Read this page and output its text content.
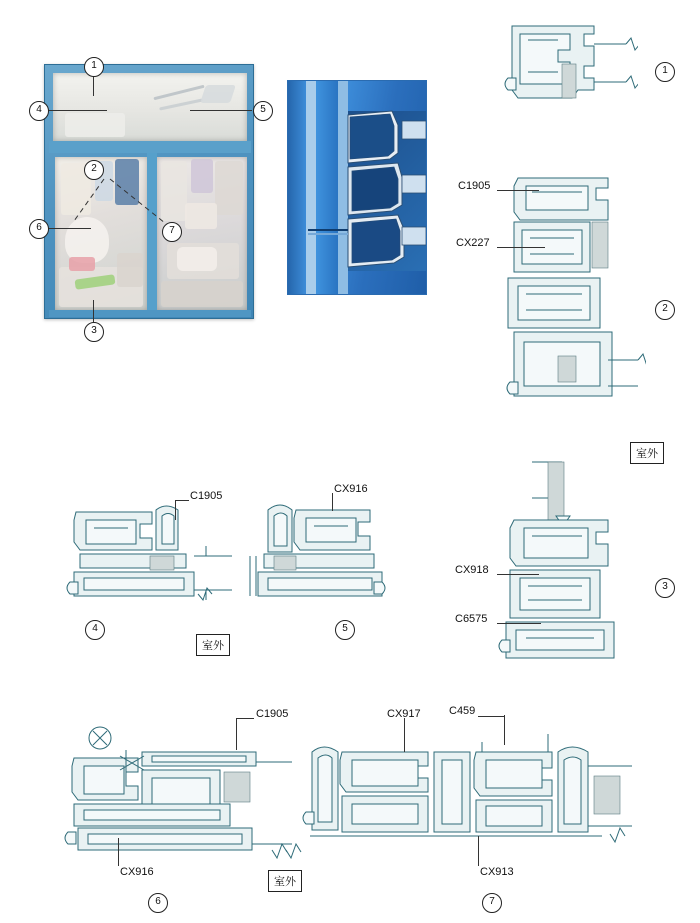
1
2
3
4	5
6	7
1
C1905
CX227
2
室外
CX918
C6575
3
C1905
4
CX916
5
室外
C1905
CX916
6
CX917	C459
CX913
7
室外
